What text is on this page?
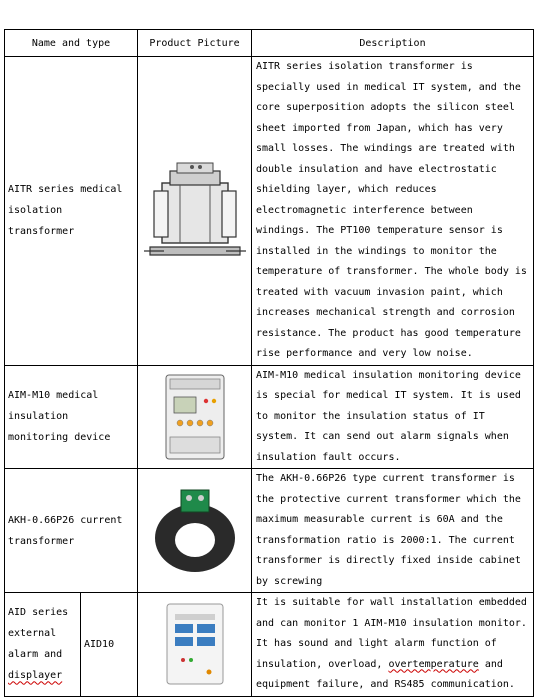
Name and type		Product Picture	Description
AITR series medical isolation transformer			AITR series isolation transformer is specially used in medical IT system, and the core superposition adopts the silicon steel sheet imported from Japan, which has very small losses. The windings are treated with double insulation and have electrostatic shielding layer, which reduces electromagnetic interference between windings. The PT100 temperature sensor is installed in the windings to monitor the temperature of transformer. The whole body is treated with vacuum invasion paint, which increases mechanical strength and corrosion resistance. The product has good temperature rise performance and very low noise.
AIM-M10 medical insulation monitoring device			AIM-M10 medical insulation monitoring device is special for medical IT system. It is used to monitor the insulation status of IT system. It can send out alarm signals when insulation fault occurs.
AKH-0.66P26 current transformer			The AKH-0.66P26 type current transformer is the protective current transformer which the maximum measurable current is 60A and the transformation ratio is 2000:1. The current transformer is directly fixed inside cabinet by screwing
AID series external alarm and displayer	AID10		It is suitable for wall installation embedded and can monitor 1 AIM-M10 insulation monitor. It has sound and light alarm function of insulation, overload, overtemperature and equipment failure, and RS485 communication.
